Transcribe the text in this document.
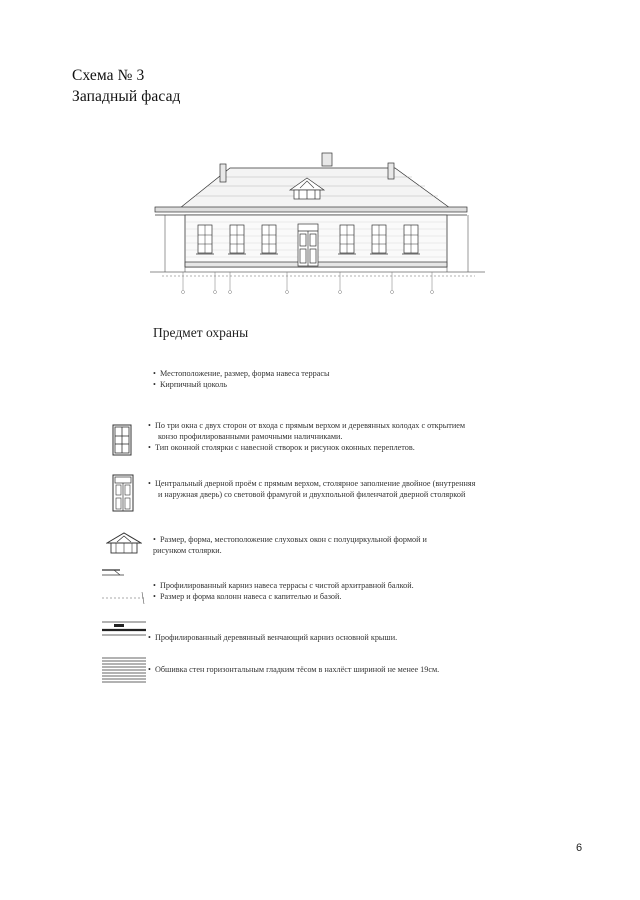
Схема № 3
Западный фасад
Предмет охраны
•  Местоположение, размер, форма навеса террасы
•  Кирпичный цоколь
•  По три окна с двух сторон от входа с прямым верхом и деревянных колодах с открытием
конзо профилированными рамочными наличниками.
•  Тип оконной столярки с навесной створок и рисунок оконных переплетов.
•  Центральный дверной проём с прямым верхом, столярное заполнение двойное (внутренняя
и наружная дверь) со световой фрамугой и двухпольной филенчатой дверной столяркой
•  Размер, форма, местоположение слуховых окон с полуциркульной формой и
рисунком столярки.
•  Профилированный карниз навеса террасы с чистой архитравной балкой.
•  Размер и форма колонн навеса с капителью и базой.
•  Профилированный деревянный венчающий карниз основной крыши.
•  Обшивка стен горизонтальным гладким тёсом в нахлёст шириной не менее 19см.
6
